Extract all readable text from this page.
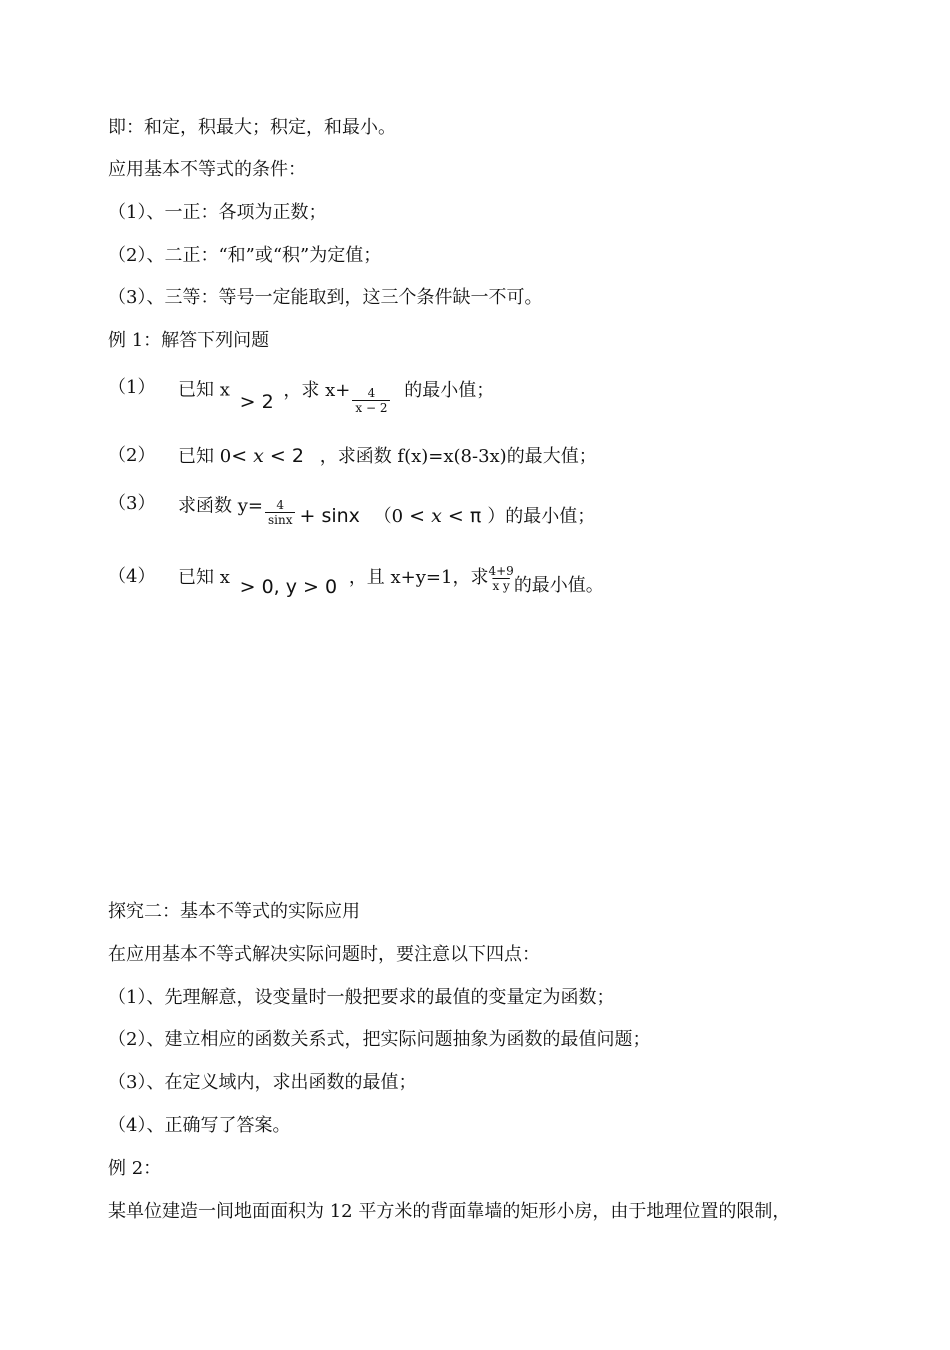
即：和定，积最大；积定，和最小。
应用基本不等式的条件：
（1）、一正：各项为正数；
（2）、二正：“和”或“积”为定值；
（3）、三等：等号一定能取到，这三个条件缺一不可。
例 1：解答下列问题
（1） 已知 x > 2 ，求 $x+ \frac{4}{x - 2}$ 的最小值；
（2） 已知 0< x < 2 ，求函数 f(x)=x(8-3x)的最大值；
（3） 求函数 $y= \frac{4}{\sin x} + \sin x$ （0 < x < π ）的最小值；
（4） 已知 x > 0, y > 0 ，且 x+y=1，求 $\frac{4+9}{\text{x y}}$ 的最小值。
探究二：基本不等式的实际应用
在应用基本不等式解决实际问题时，要注意以下四点：
（1）、先理解意，设变量时一般把要求的最值的变量定为函数；
（2）、建立相应的函数关系式，把实际问题抽象为函数的最值问题；
（3）、在定义域内，求出函数的最值；
（4）、正确写了答案。
例 2：
某单位建造一间地面面积为 12 平方米的背面靠墙的矩形小房，由于地理位置的限制，
